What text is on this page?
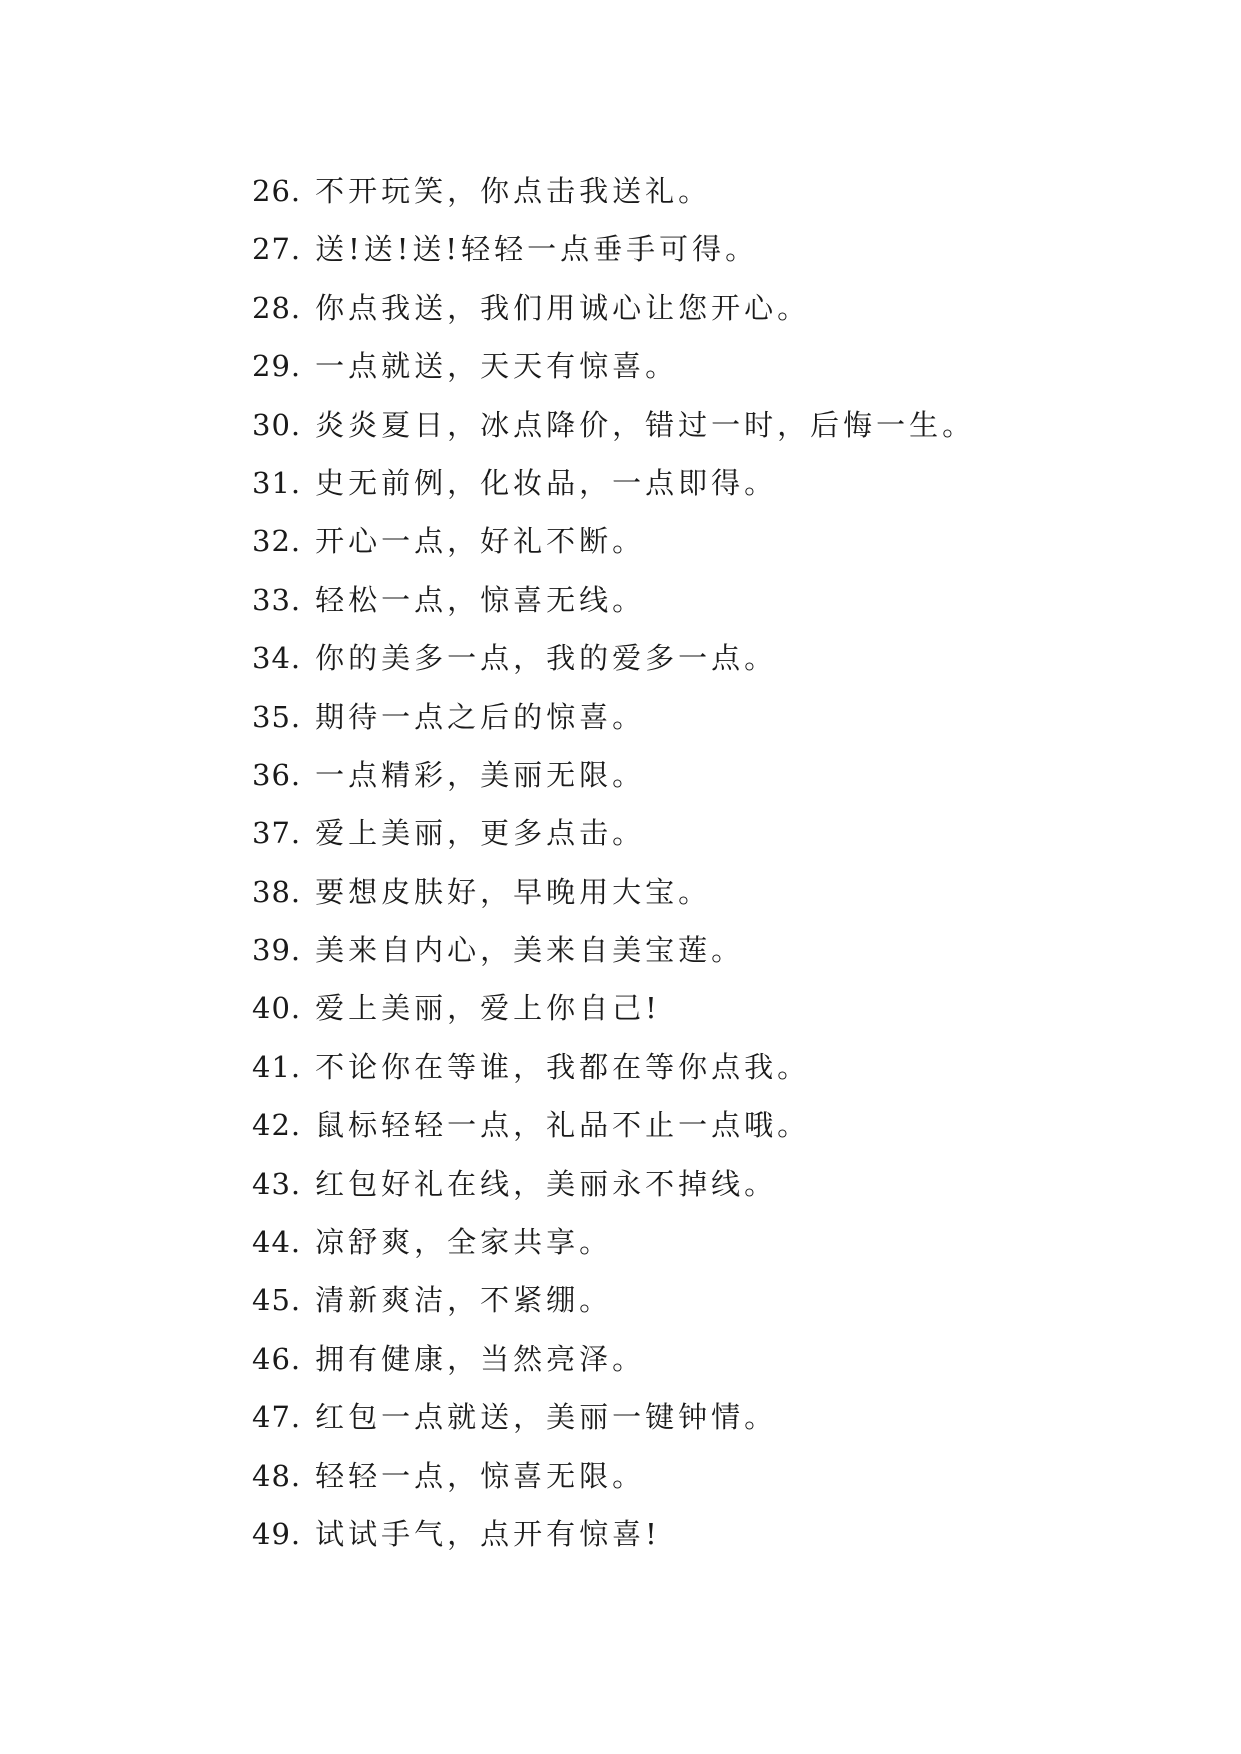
26. 不开玩笑，你点击我送礼。
27. 送!送!送!轻轻一点垂手可得。
28. 你点我送，我们用诚心让您开心。
29. 一点就送，天天有惊喜。
30. 炎炎夏日，冰点降价，错过一时，后悔一生。
31. 史无前例，化妆品，一点即得。
32. 开心一点，好礼不断。
33. 轻松一点，惊喜无线。
34. 你的美多一点，我的爱多一点。
35. 期待一点之后的惊喜。
36. 一点精彩，美丽无限。
37. 爱上美丽，更多点击。
38. 要想皮肤好，早晚用大宝。
39. 美来自内心，美来自美宝莲。
40. 爱上美丽，爱上你自己!
41. 不论你在等谁，我都在等你点我。
42. 鼠标轻轻一点，礼品不止一点哦。
43. 红包好礼在线，美丽永不掉线。
44. 凉舒爽，全家共享。
45. 清新爽洁，不紧绷。
46. 拥有健康，当然亮泽。
47. 红包一点就送，美丽一键钟情。
48. 轻轻一点，惊喜无限。
49. 试试手气，点开有惊喜!
